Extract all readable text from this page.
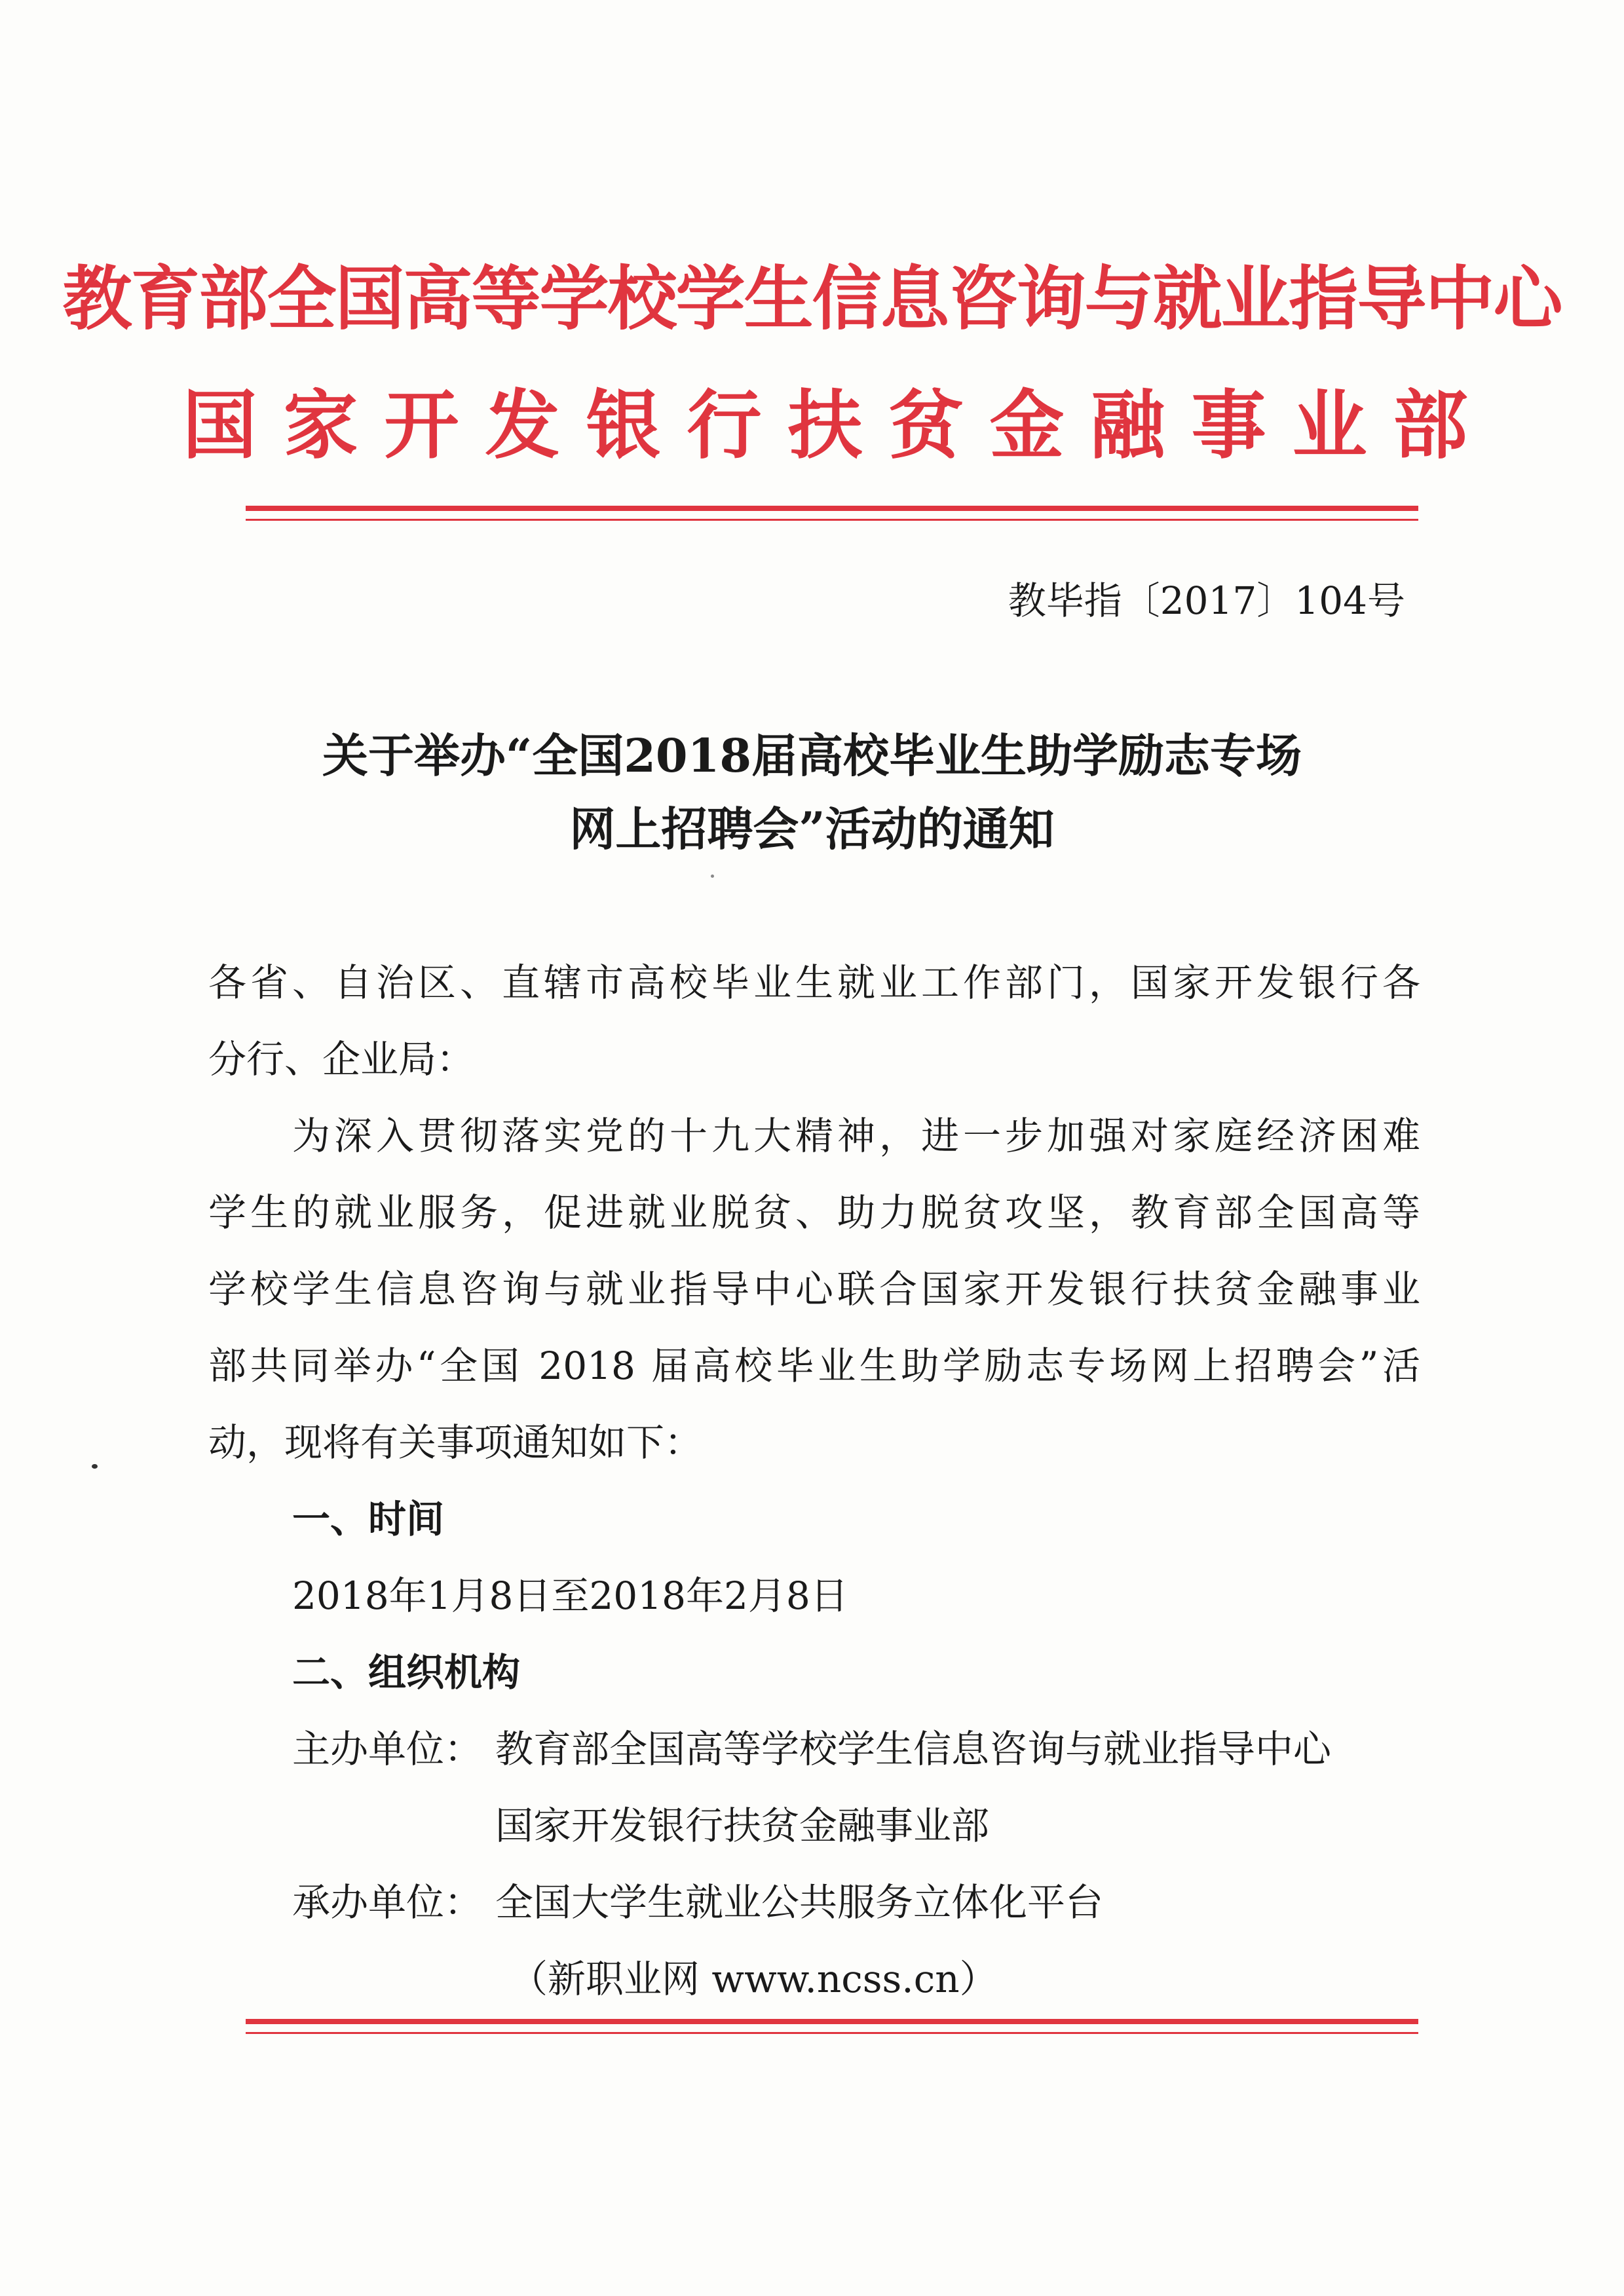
教育部全国高等学校学生信息咨询与就业指导中心
国家开发银行扶贫金融事业部
教毕指〔2017〕104号
关于举办“全国2018届高校毕业生助学励志专场
网上招聘会”活动的通知
各省、自治区、直辖市高校毕业生就业工作部门，国家开发银行各
分行、企业局：
为深入贯彻落实党的十九大精神，进一步加强对家庭经济困难
学生的就业服务，促进就业脱贫、助力脱贫攻坚，教育部全国高等
学校学生信息咨询与就业指导中心联合国家开发银行扶贫金融事业
部共同举办“全国 2018 届高校毕业生助学励志专场网上招聘会”活
动，现将有关事项通知如下：
一、时间
2018年1月8日至2018年2月8日
二、组织机构
主办单位： 教育部全国高等学校学生信息咨询与就业指导中心
国家开发银行扶贫金融事业部
承办单位： 全国大学生就业公共服务立体化平台
（新职业网 www.ncss.cn）
